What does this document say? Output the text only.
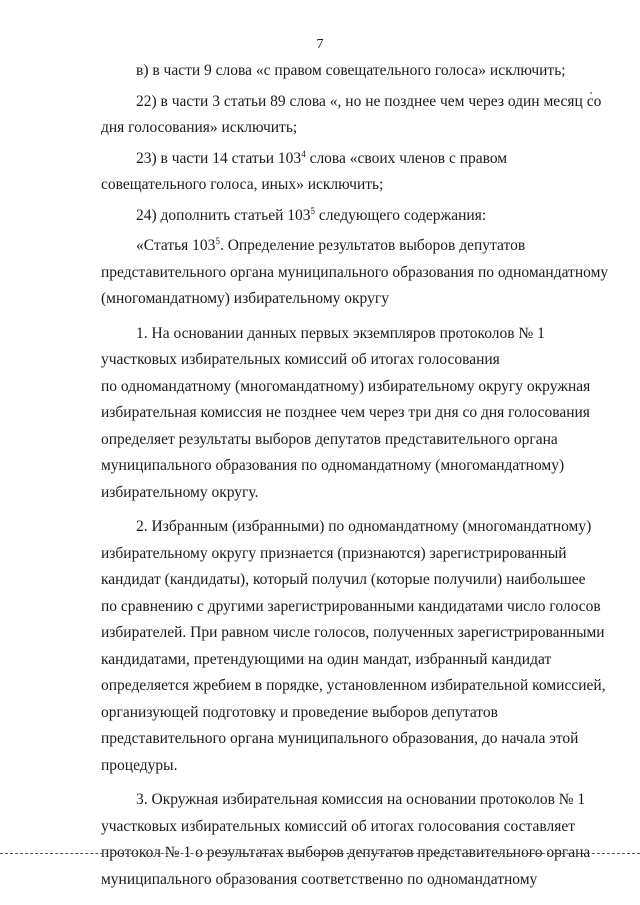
7
в) в части 9 слова «с правом совещательного голоса» исключить;
22) в части 3 статьи 89 слова «, но не позднее чем через один месяц со
дня голосования» исключить;
23) в части 14 статьи $103^4$ слова «своих членов с правом
совещательного голоса, иных» исключить;
24) дополнить статьей $103^5$ следующего содержания:
«Статья $103^5$. Определение результатов выборов депутатов
представительного органа муниципального образования по одномандатному
(многомандатному) избирательному округу
1. На основании данных первых экземпляров протоколов № 1
участковых избирательных комиссий об итогах голосования
по одномандатному (многомандатному) избирательному округу окружная
избирательная комиссия не позднее чем через три дня со дня голосования
определяет результаты выборов депутатов представительного органа
муниципального образования по одномандатному (многомандатному)
избирательному округу.
2. Избранным (избранными) по одномандатному (многомандатному)
избирательному округу признается (признаются) зарегистрированный
кандидат (кандидаты), который получил (которые получили) наибольшее
по сравнению с другими зарегистрированными кандидатами число голосов
избирателей. При равном числе голосов, полученных зарегистрированными
кандидатами, претендующими на один мандат, избранный кандидат
определяется жребием в порядке, установленном избирательной комиссией,
организующей подготовку и проведение выборов депутатов
представительного органа муниципального образования, до начала этой
процедуры.
3. Окружная избирательная комиссия на основании протоколов № 1
участковых избирательных комиссий об итогах голосования составляет
протокол № 1 о результатах выборов депутатов представительного органа
муниципального образования соответственно по одномандатному
